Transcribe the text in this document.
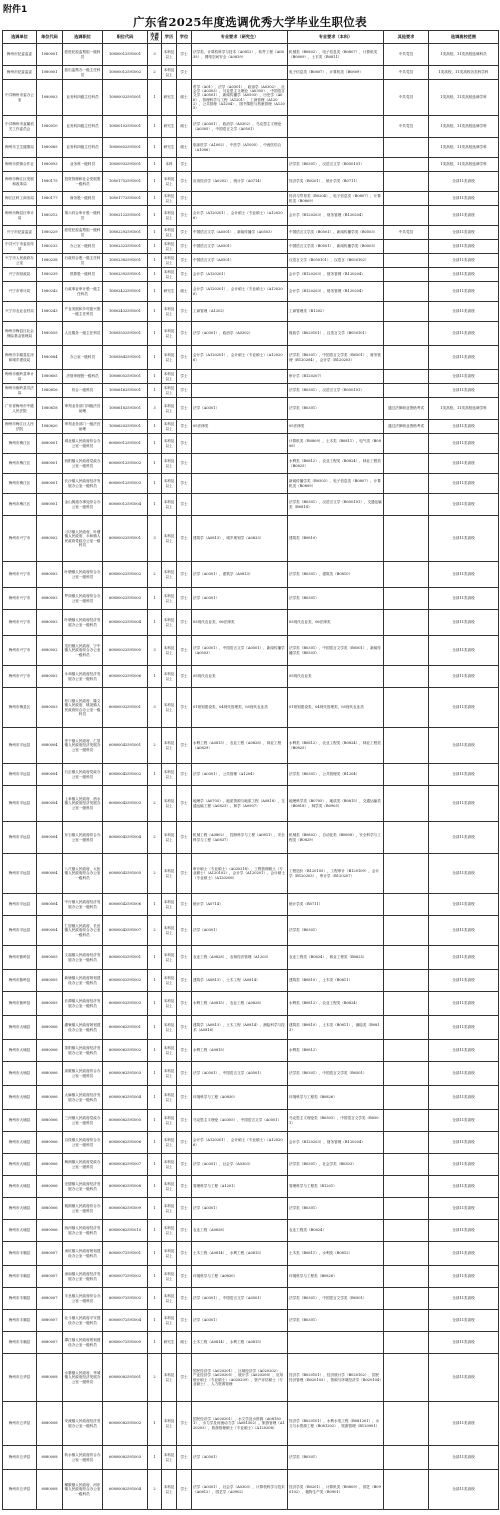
附件1
广东省2025年度选调优秀大学毕业生职位表
选调单位	单位代码	选调职位	职位代码	选调人数	学历	学位	专业要求（研究生）	专业要求（本科）	其他要求	选调高校范围
梅州市纪委监委	1080001	派驻纪检监察组一级科员	10800012591001	3	本科及以上	学士	法学类，计算机科学与技术（A0812），软件工程（A0835），网络空间安全（A0839）	机械类（B0802），电子信息类（B0807），计算机类（B0809），土木类（B0811）	中共党员	1类高校，11类高校选调科员
梅州市纪委监委	1080001	派出监察办一级主任科员	10800012591002	2	本科及以上	学士		电子信息类（B0807），计算机类（B0809）	中共党员	1类高校，11类高校各类科学科
中共梅州市委办公室	1080003	业务科四级主任科员	10800032591001	1	研究生	硕士	哲学（A01），法学（A0301），政治学（A0302），社会学（A0303），马克思主义理论（A0305），中国语言文学（A0501），新闻传播学（A0503），历史学（A06），管理科学与工程（A1201），工商管理（A1202），公共管理（A1204），图书情报与档案管理（A1205）		中共党员	1类高校，11类高校选调学科
中共梅州市直属机关工作委员会	1080010	业务科四级主任科员	10800102591001	1	研究生	硕士	法学（A0301），政治学（A0302），马克思主义理论（A0305），中国语言文学（A0501）		中共党员	1类高校，11类高校选调学科
梅州市卫生健康局	1080065	业务科四级主任科员	10800652591001	1	研究生	硕士	临床医学（A1002），中医学（A1005），中西医结合（A1006）			1类高校，11类高校选调学科
梅州市供销合作社	1080093	业务科一级科员	10800932591001	1	本科	学士		法学类（B0301），汉语言文学（B050101）		1类高校，11类高校选调学科
梅州市梅江区发展和改革局	1080175	投资管理和社会发展股一级科员	10801752591001	1	本科及以上	学士	应用经济学（A0202），统计学（A0714）	经济学类（B0201），统计学类（B0711）		全部11类高校
梅江区科工商务局	1080177	商务股一级科员	10801772591001	1	本科及以上	学士		经济与贸易类（B0204），电子信息类（B0807），计算机类（B0809）		全部11类高校
梅州市梅县区审计局	1080212	第六综合审计股一级科员	10802122591001	1	本科及以上	学士	会计学（A120201），会计硕士（专业硕士）（A120206）	会计学（B120203），财务管理（B120204）		全部11类高校
兴宁市纪委监委	1080229	派驻纪检监察组一级科员	10802292591001	1	本科及以上	学士	中国语言文学（A0501），新闻传播学（A0503）	中国语言文学类（B0501），新闻传播学类（B0503）	中共党员	全部11类高校
中共兴宁市委宣传部	1080232	办公室一级科员	10802322591001	1	本科及以上	学士	中国语言文学（A0501）	中国语言文学类（B0501），新闻传播学类（B0503）		全部11类高校
兴宁市人民政府办公室	1080238	行政综合股一级主任科员	10802382591001	1	本科及以上	学士	中国语言文学（A0501）	汉语言文学（B050101），汉语言（B050102）		全部11类高校
兴宁市财政局	1080239	预算股一级科员	10802392591001	1	本科及以上	学士	会计学（A120201）	会计学（B120203），财务管理（B120204）		全部11类高校
兴宁市审计局	1080242	行政事业审计股一级主任科员	10802422591001	1	研究生	硕士	会计学（A120201），会计硕士（专业硕士）（A120206）	会计学（B120203），财务管理（B120204）		全部11类高校
兴宁市农业农村局	1080243	产业发展和乡村振兴股一级主任科员	10802432591001	1	本科及以上	学士	工商管理（A1202）	工商管理类（B1202）		全部11类高校
梅州市梅县区社会保险基金管理局	1080555	人社服务一级主任科员	10805552591001	1	本科及以上	学士	法学（A0301），政治学（A0302）	财政学（B020101），汉语言文学（B050101）		全部11类高校
梅州市丰顺县住房和城乡建设局	1080584	办公室一级科员	10805842591001	1	本科及以上	学士	会计学（A120201），会计硕士（专业硕士）（A120206）	法学类（B0301），中国语言文学类（B0501），财务管理（B120204），会计学（B120203）		全部11类高校
梅州市蕉岭县审计局	1080605	法规审理股一级科员	10806052591001	1	本科及以上	学士		审计学（B120207）		全部11类高校
梅州市蕉岭县司法局	1080616	综合一级科员	10806162591001	1	本科及以上	学士		法学类（B0301），汉语言文学（B050101）		全部11类高校
广东省梅州市中级人民法院	1080618	审判业务部门四级法官助理	10806182591001	3	本科及以上	学士	法学（A0301）	法学类（B0301）	通过法律职业资格考试	1类高校，11类高校选调学科
梅州市梅江区人民法院	1080620	审判业务部门一级法官助理	10806202591001	1	本科及以上	学士	05法律类	05法律类	通过法律职业资格考试	全部11类高校
梅州市梅江区	6080001	城北镇人民政府综合办公室一级科员	60800012591001	1	本科及以上	学士		计算机类（B0809），土木类（B0811），电气类（B0806）		全部11类高校
梅州市梅江区	6080001	西阳镇人民政府党政办公室一级科员	60800012591002	1	本科及以上	学士		水利类（B0812），农业工程类（B0824），林业工程类（B0825）		全部11类高校
梅州市梅江区	6080001	长沙镇人民政府经济发展办公室一级科员	60800012591003	1	本科及以上	学士		新闻传播学类（B0503），电子信息类（B0807），计算机类（B0809）		全部11类高校
梅州市梅江区	6080001	金山街道办事处综合办公室一级科员	60800012591004	1	本科及以上	学士		法学类（B0301），汉语言文学（B050101），交通运输类（B0818）		全部11类高校
梅州市兴宁市	6080002	刁坊镇人民政府、叶塘镇人民政府、永和镇人民政府党政办公室一级科员	60800022591001	3	本科及以上	学士	建筑学（A0813），城乡规划学（A0833）	建筑类（B0810）		全部11类高校
梅州市兴宁市	6080002	叶塘镇人民政府综合办公室一级科员	60800022591002	2	本科及以上	学士	法学（A0301），建筑学（A0813）	法学类（B0301），建筑类（B0810）		全部11类高校
梅州市兴宁市	6080002	罗岗镇人民政府综合办公室一级科员	60800022591003	1	本科及以上	学士	法学（A0301）	法学类（B0301）		全部11类高校
梅州市兴宁市	6080002	叶塘镇人民政府经济发展办公室一级科员	60800022591004	1	本科及以上	学士	05现代农业类、06法律类	05现代农业类、06法律类		全部11类高校
梅州市兴宁市	6080002	龙田镇人民政府、宁中镇人民政府综合办公室一级科员	60800022591005	3	本科及以上	学士	法学（A0301），中国语言文学（A0501），新闻传播学（A0503）	法学类（B0301），中国语言文学类（B0501），新闻传播学类（B0503）		全部11类高校
梅州市兴宁市	6080002	永和镇人民政府经济发展办公室一级科员	60800022591006	1	本科及以上	学士	05现代农业类	05现代农业类		全部11类高校
梅州市梅县区	6080003	松口镇人民政府、隆文镇人民政府、桃尧镇人民政府综合办公室一级科员	60800032591001	3	本科及以上	学士	01规划建设类、04现代管理类、05现代农业类	01规划建设类、04现代管理类、05现代农业类		全部11类高校
梅州市平远县	6080004	差干镇人民政府、仁居镇人民政府经济发展办公室一级科员	60800042591001	2	本科及以上	学士	水利工程（A0815），农业工程（A0828），林业工程（A0829）	水利类（B0812），农业工程类（B0824），林业工程类（B0825）		全部11类高校
梅州市平远县	6080004	石正镇人民政府党政办公室一级科员	60800042591002	1	本科及以上	学士	法学（A0301），公共管理（A1204）	法学类（B0301），公共管理类（B1204）		全部11类高校
梅州市平远县	6080004	上举镇人民政府、泗水镇人民政府经济发展办公室一级科员	60800042591003	2	本科及以上	学士	地理学（A0705），地质资源与地质工程（A0818），交通运输工程（A0823），林学（A0907）	地理科学类（B0705），地质类（B0815），交通运输类（B0818），林学类（B0905）		全部11类高校
梅州市平远县	6080004	东石镇人民政府综合办公室一级科员	60800042591004	2	本科及以上	学士	机械工程（A0802），控制科学与工程（A0811），安全科学与工程（A0837）	机械类（B0802），自动化类（B0808），安全科学与工程类（B0829）		全部11类高校
梅州市平远县	6080004	八尺镇人民政府、大柘镇人民政府综合办公室一级科员	60800042591005	2	本科及以上	学士	审计硕士（专业硕士）（A020218），工程管理硕士（专业硕士）（A120102），会计学（A120201），会计硕士（专业硕士）（A120206）	工程造价（B120105），工程审计（B120109），会计学（B120203），审计学（B120207）		全部11类高校
梅州市平远县	6080004	中行镇人民政府经济发展办公室一级科员	60800042591006	1	本科及以上	学士	统计学（A0714）	统计学类（B0711）		全部11类高校
梅州市平远县	6080004	仁居镇人民政府、长田镇人民政府综合办公室一级科员	60800042591007	2	本科及以上	学士	法学（A0301）	法学类（B0301）		全部11类高校
梅州市蕉岭县	6080005	文福镇人民政府经济发展办公室一级科员	60800052591001	1	本科及以上	学士	农业工程（A0828），农林经济管理（A1203）	农业工程类（B0824），林业工程类（B0825）		全部11类高校
梅州市蕉岭县	6080005	新铺镇人民政府规划建设办公室一级科员	60800052591002	1	本科及以上	学士	建筑学（A0813），土木工程（A0814）	建筑类（B0810），土木类（B0811）		全部11类高校
梅州市蕉岭县	6080005	长潭镇人民政府经济发展办公室一级科员	60800052591003	1	本科及以上	学士	水利工程（A0815），农业工程（A0828）	水利类（B0812），农业工程类（B0824）		全部11类高校
梅州市大埔县	6080006	湖寮镇人民政府规划建设办公室一级科员	60800062591001	1	本科及以上	学士	建筑学（A0813），土木工程（A0814），测绘科学与技术（A0816）	建筑类（B0810），土木类（B0811），测绘类（B0813）		全部11类高校
梅州市大埔县	6080006	茶阳镇人民政府经济发展办公室一级科员	60800062591002	1	本科及以上	学士	水利工程（A0815）	水利类（B0812）		全部11类高校
梅州市大埔县	6080006	高陂镇人民政府综合办公室一级科员	60800062591003	1	本科及以上	学士	法学（A0301），中国语言文学（A0501）	法学类（B0301），中国语言文学类（B0501）		全部11类高校
梅州市大埔县	6080006	大麻镇人民政府经济发展办公室一级科员	60800062591004	1	本科及以上	学士	环境科学与工程（A0830）	环境科学与工程类（B0826）		全部11类高校
梅州市大埔县	6080006	三河镇人民政府党政办公室一级科员	60800062591005	1	本科及以上	学士	马克思主义理论（A0305），中国语言文学（A0501）	马克思主义理论类（B0305），中国语言文学类（B0501）		全部11类高校
梅州市大埔县	6080006	百侯镇人民政府综合办公室一级科员	60800062591006	1	本科及以上	学士	会计学（A120201），会计硕士（专业硕士）（A120206）	会计学（B120203），财务管理（B120204）		全部11类高校
梅州市大埔县	6080006	枫朗镇人民政府党政办公室一级科员	60800062591007	1	本科及以上	学士	法学（A0301），社会学（A0303）	法学类（B0301），社会学类（B0303）		全部11类高校
梅州市大埔县	6080006	光德镇人民政府经济发展办公室一级科员	60800062591008	1	本科及以上	学士	管理科学与工程（A1201）	管理科学与工程类（B1201）		全部11类高校
梅州市大埔县	6080006	桃源镇人民政府综合办公室一级科员	60800062591009	1	本科及以上	学士	法学（A0301）	法学类（B0301）		全部11类高校
梅州市大埔县	6080006	西河镇人民政府经济发展办公室一级科员	60800062591010	1	本科及以上	学士	农业工程（A0828）	农业工程类（B0824）		全部11类高校
梅州市丰顺县	6080007	汤坑镇人民政府规划建设办公室一级科员	60800072591001	1	本科及以上	学士	土木工程（A0814），水利工程（A0815）	土木类（B0811），水利类（B0812）		全部11类高校
梅州市丰顺县	6080007	汤南镇人民政府经济发展办公室一级科员	60800072591002	1	本科及以上	学士	环境科学与工程（A0830）	环境科学与工程类（B0826）		全部11类高校
梅州市丰顺县	6080007	丰良镇人民政府综合办公室一级科员	60800072591003	1	本科及以上	学士	法学（A0301），中国语言文学（A0501）	法学类（B0301），中国语言文学类（B0501）		全部11类高校
梅州市丰顺县	6080007	北斗镇人民政府平安建设办公室一级科员	60800072591004	1	本科及以上	学士	法学（A0301）	法学类（B0301）		全部11类高校
梅州市丰顺县	6080007	潭江镇人民政府规划建设办公室一级科员	60800072591005	1	研究生	硕士	土木工程（A0814），水利工程（A0815）			全部11类高校
梅州市五华县	6080008	水寨镇人民政府、华城镇人民政府经济发展办公室一级科员	60800082591001	2	本科及以上	学士	国民经济学（A020201），区域经济学（A020202），产业经济学（A020205），统计学（A020208），应用统计硕士（专业硕士）（A020209），资产评估硕士（专业硕士），人力资源管理	经济学（B020101），经济统计学（B020102），国民经济管理（B020103），资源与环境经济学（B020104）		全部11类高校
梅州市五华县	6080008	安流镇人民政府经济发展办公室一级科员	60800082591002	1	本科及以上	学士	国民经济学（A020201），水文学及水资源（A081501），水力学及河流动力学（A081502），旅游管理（A120203），旅游管理硕士（专业硕士）（A120208）	经济学（B020101），水利水电工程（B081201），水文与水资源工程（B081202），旅游管理（B120901）		全部11类高校
梅州市五华县	6080008	转水镇人民政府综合办公室一级科员	60800082591003	1	本科及以上	学士	法学（A0301）	法学类（B0301）		全部11类高校
梅州市五华县	6080008	横陂镇人民政府、河东镇人民政府综合办公室一级科员	60800082591004	2	本科及以上	学士	法学（A0301），社会学（A0303），计算机科学与技术（A0812），园艺学（A0902）	经济学类（B0201），计算机类（B0809），园艺（B090102），植物生产类（B0901）		全部11类高校
